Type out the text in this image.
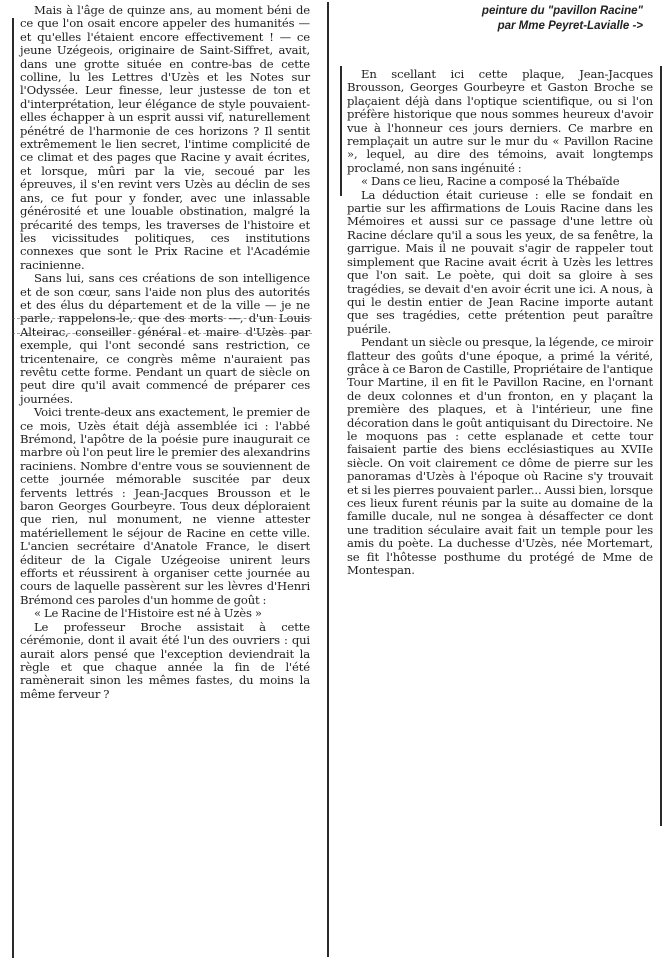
peinture du "pavillon Racine"
par Mme Peyret-Lavialle ->

Mais à l'âge de quinze ans, au moment béni de ce que l'on osait encore appeler des humanités — et qu'elles l'étaient encore effectivement ! — ce jeune Uzégeois, originaire de Saint-Siffret, avait, dans une grotte située en contre-bas de cette colline, lu les Lettres d'Uzès et les Notes sur l'Odyssée. Leur finesse, leur justesse de ton et d'interprétation, leur élégance de style pouvaient-elles échapper à un esprit aussi vif, naturellement pénétré de l'harmonie de ces horizons ? Il sentit extrêmement le lien secret, l'intime complicité de ce climat et des pages que Racine y avait écrites, et lorsque, mûri par la vie, secoué par les épreuves, il s'en revint vers Uzès au déclin de ses ans, ce fut pour y fonder, avec une inlassable générosité et une louable obstination, malgré la précarité des temps, les traverses de l'histoire et les vicissitudes politiques, ces institutions connexes que sont le Prix Racine et l'Académie racinienne.

Sans lui, sans ces créations de son intelligence et de son cœur, sans l'aide non plus des autorités et des élus du département et de la ville — je ne parle, rappelons-le, que des morts —, d'un Louis Alteirac, conseiller général et maire d'Uzès par exemple, qui l'ont secondé sans restriction, ce tricentenaire, ce congrès même n'auraient pas revêtu cette forme. Pendant un quart de siècle on peut dire qu'il avait commencé de préparer ces journées.

Voici trente-deux ans exactement, le premier de ce mois, Uzès était déjà assemblée ici : l'abbé Brémond, l'apôtre de la poésie pure inaugurait ce marbre où l'on peut lire le premier des alexandrins raciniens. Nombre d'entre vous se souviennent de cette journée mémorable suscitée par deux fervents lettrés : Jean-Jacques Brousson et le baron Georges Gourbeyre. Tous deux déploraient que rien, nul monument, ne vienne attester matériellement le séjour de Racine en cette ville. L'ancien secrétaire d'Anatole France, le disert éditeur de la Cigale Uzégeoise unirent leurs efforts et réussirent à organiser cette journée au cours de laquelle passèrent sur les lèvres d'Henri Brémond ces paroles d'un homme de goût :

« Le Racine de l'Histoire est né à Uzès »

Le professeur Broche assistait à cette cérémonie, dont il avait été l'un des ouvriers : qui aurait alors pensé que l'exception deviendrait la règle et que chaque année la fin de l'été ramènerait sinon les mêmes fastes, du moins la même ferveur ?

En scellant ici cette plaque, Jean-Jacques Brousson, Georges Gourbeyre et Gaston Broche se plaçaient déjà dans l'optique scientifique, ou si l'on préfère historique que nous sommes heureux d'avoir vue à l'honneur ces jours derniers. Ce marbre en remplaçait un autre sur le mur du « Pavillon Racine », lequel, au dire des témoins, avait longtemps proclamé, non sans ingénuité :

« Dans ce lieu, Racine a composé la Thébaïde

La déduction était curieuse : elle se fondait en partie sur les affirmations de Louis Racine dans les Mémoires et aussi sur ce passage d'une lettre où Racine déclare qu'il a sous les yeux, de sa fenêtre, la garrigue. Mais il ne pouvait s'agir de rappeler tout simplement que Racine avait écrit à Uzès les lettres que l'on sait. Le poète, qui doit sa gloire à ses tragédies, se devait d'en avoir écrit une ici. A nous, à qui le destin entier de Jean Racine importe autant que ses tragédies, cette prétention peut paraître puérile.

Pendant un siècle ou presque, la légende, ce miroir flatteur des goûts d'une époque, a primé la vérité, grâce à ce Baron de Castille, Propriétaire de l'antique Tour Martine, il en fit le Pavillon Racine, en l'ornant de deux colonnes et d'un fronton, en y plaçant la première des plaques, et à l'intérieur, une fine décoration dans le goût antiquisant du Directoire. Ne le moquons pas : cette esplanade et cette tour faisaient partie des biens ecclésiastiques au XVIIe siècle. On voit clairement ce dôme de pierre sur les panoramas d'Uzès à l'époque où Racine s'y trouvait et si les pierres pouvaient parler... Aussi bien, lorsque ces lieux furent réunis par la suite au domaine de la famille ducale, nul ne songea à désaffecter ce dont une tradition séculaire avait fait un temple pour les amis du poète. La duchesse d'Uzès, née Mortemart, se fit l'hôtesse posthume du protégé de Mme de Montespan.
